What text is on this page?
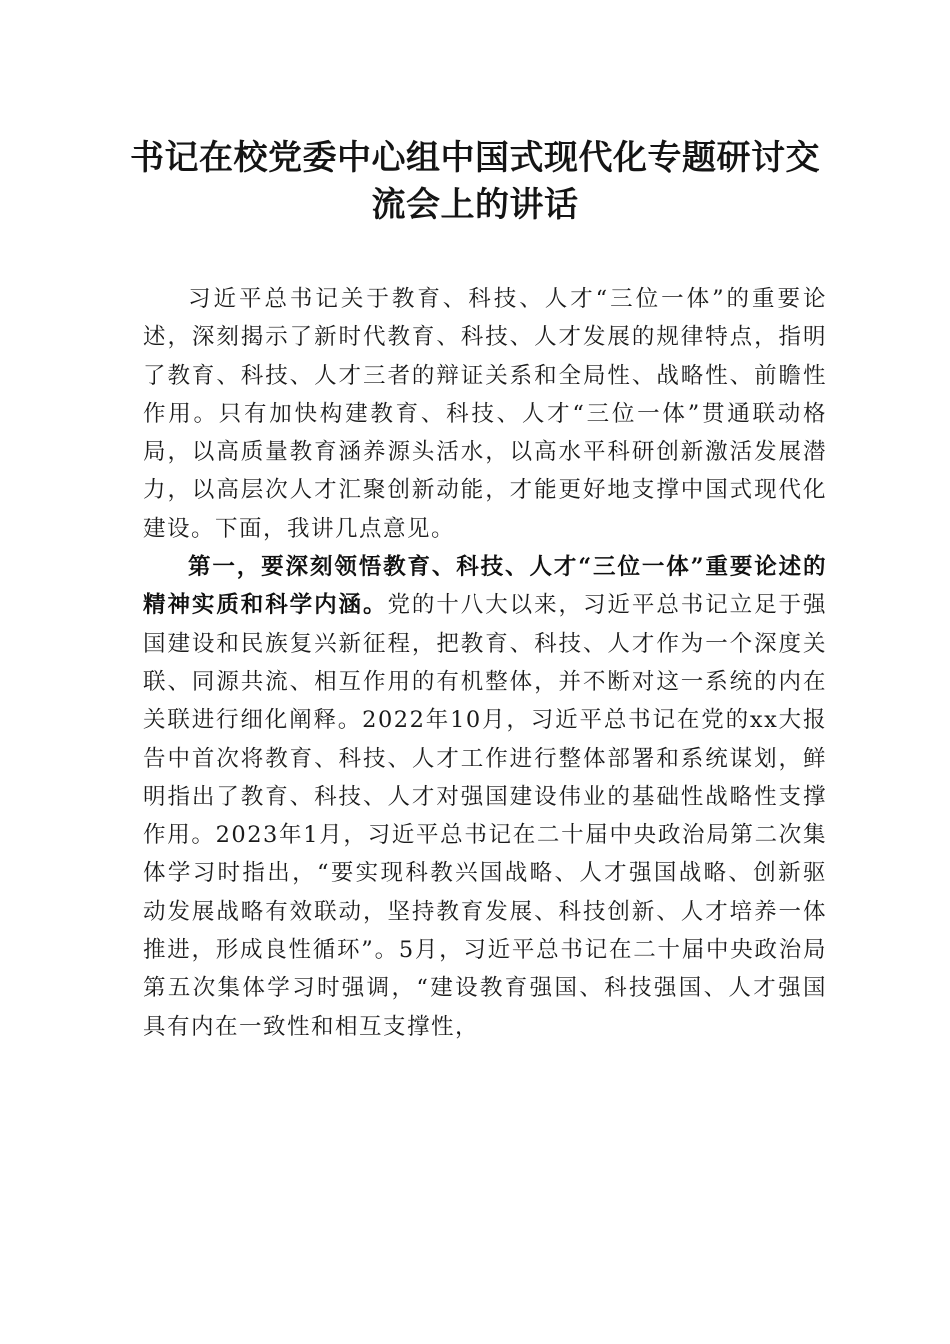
书记在校党委中心组中国式现代化专题研讨交
流会上的讲话

习近平总书记关于教育、科技、人才“三位一体”的重要论述，深刻揭示了新时代教育、科技、人才发展的规律特点，指明了教育、科技、人才三者的辩证关系和全局性、战略性、前瞻性作用。只有加快构建教育、科技、人才“三位一体”贯通联动格局，以高质量教育涵养源头活水，以高水平科研创新激活发展潜力，以高层次人才汇聚创新动能，才能更好地支撑中国式现代化建设。下面，我讲几点意见。

第一，要深刻领悟教育、科技、人才“三位一体”重要论述的精神实质和科学内涵。党的十八大以来，习近平总书记立足于强国建设和民族复兴新征程，把教育、科技、人才作为一个深度关联、同源共流、相互作用的有机整体，并不断对这一系统的内在关联进行细化阐释。2022年10月，习近平总书记在党的xx大报告中首次将教育、科技、人才工作进行整体部署和系统谋划，鲜明指出了教育、科技、人才对强国建设伟业的基础性战略性支撑作用。2023年1月，习近平总书记在二十届中央政治局第二次集体学习时指出，“要实现科教兴国战略、人才强国战略、创新驱动发展战略有效联动，坚持教育发展、科技创新、人才培养一体推进，形成良性循环”。5月，习近平总书记在二十届中央政治局第五次集体学习时强调，“建设教育强国、科技强国、人才强国具有内在一致性和相互支撑性，
